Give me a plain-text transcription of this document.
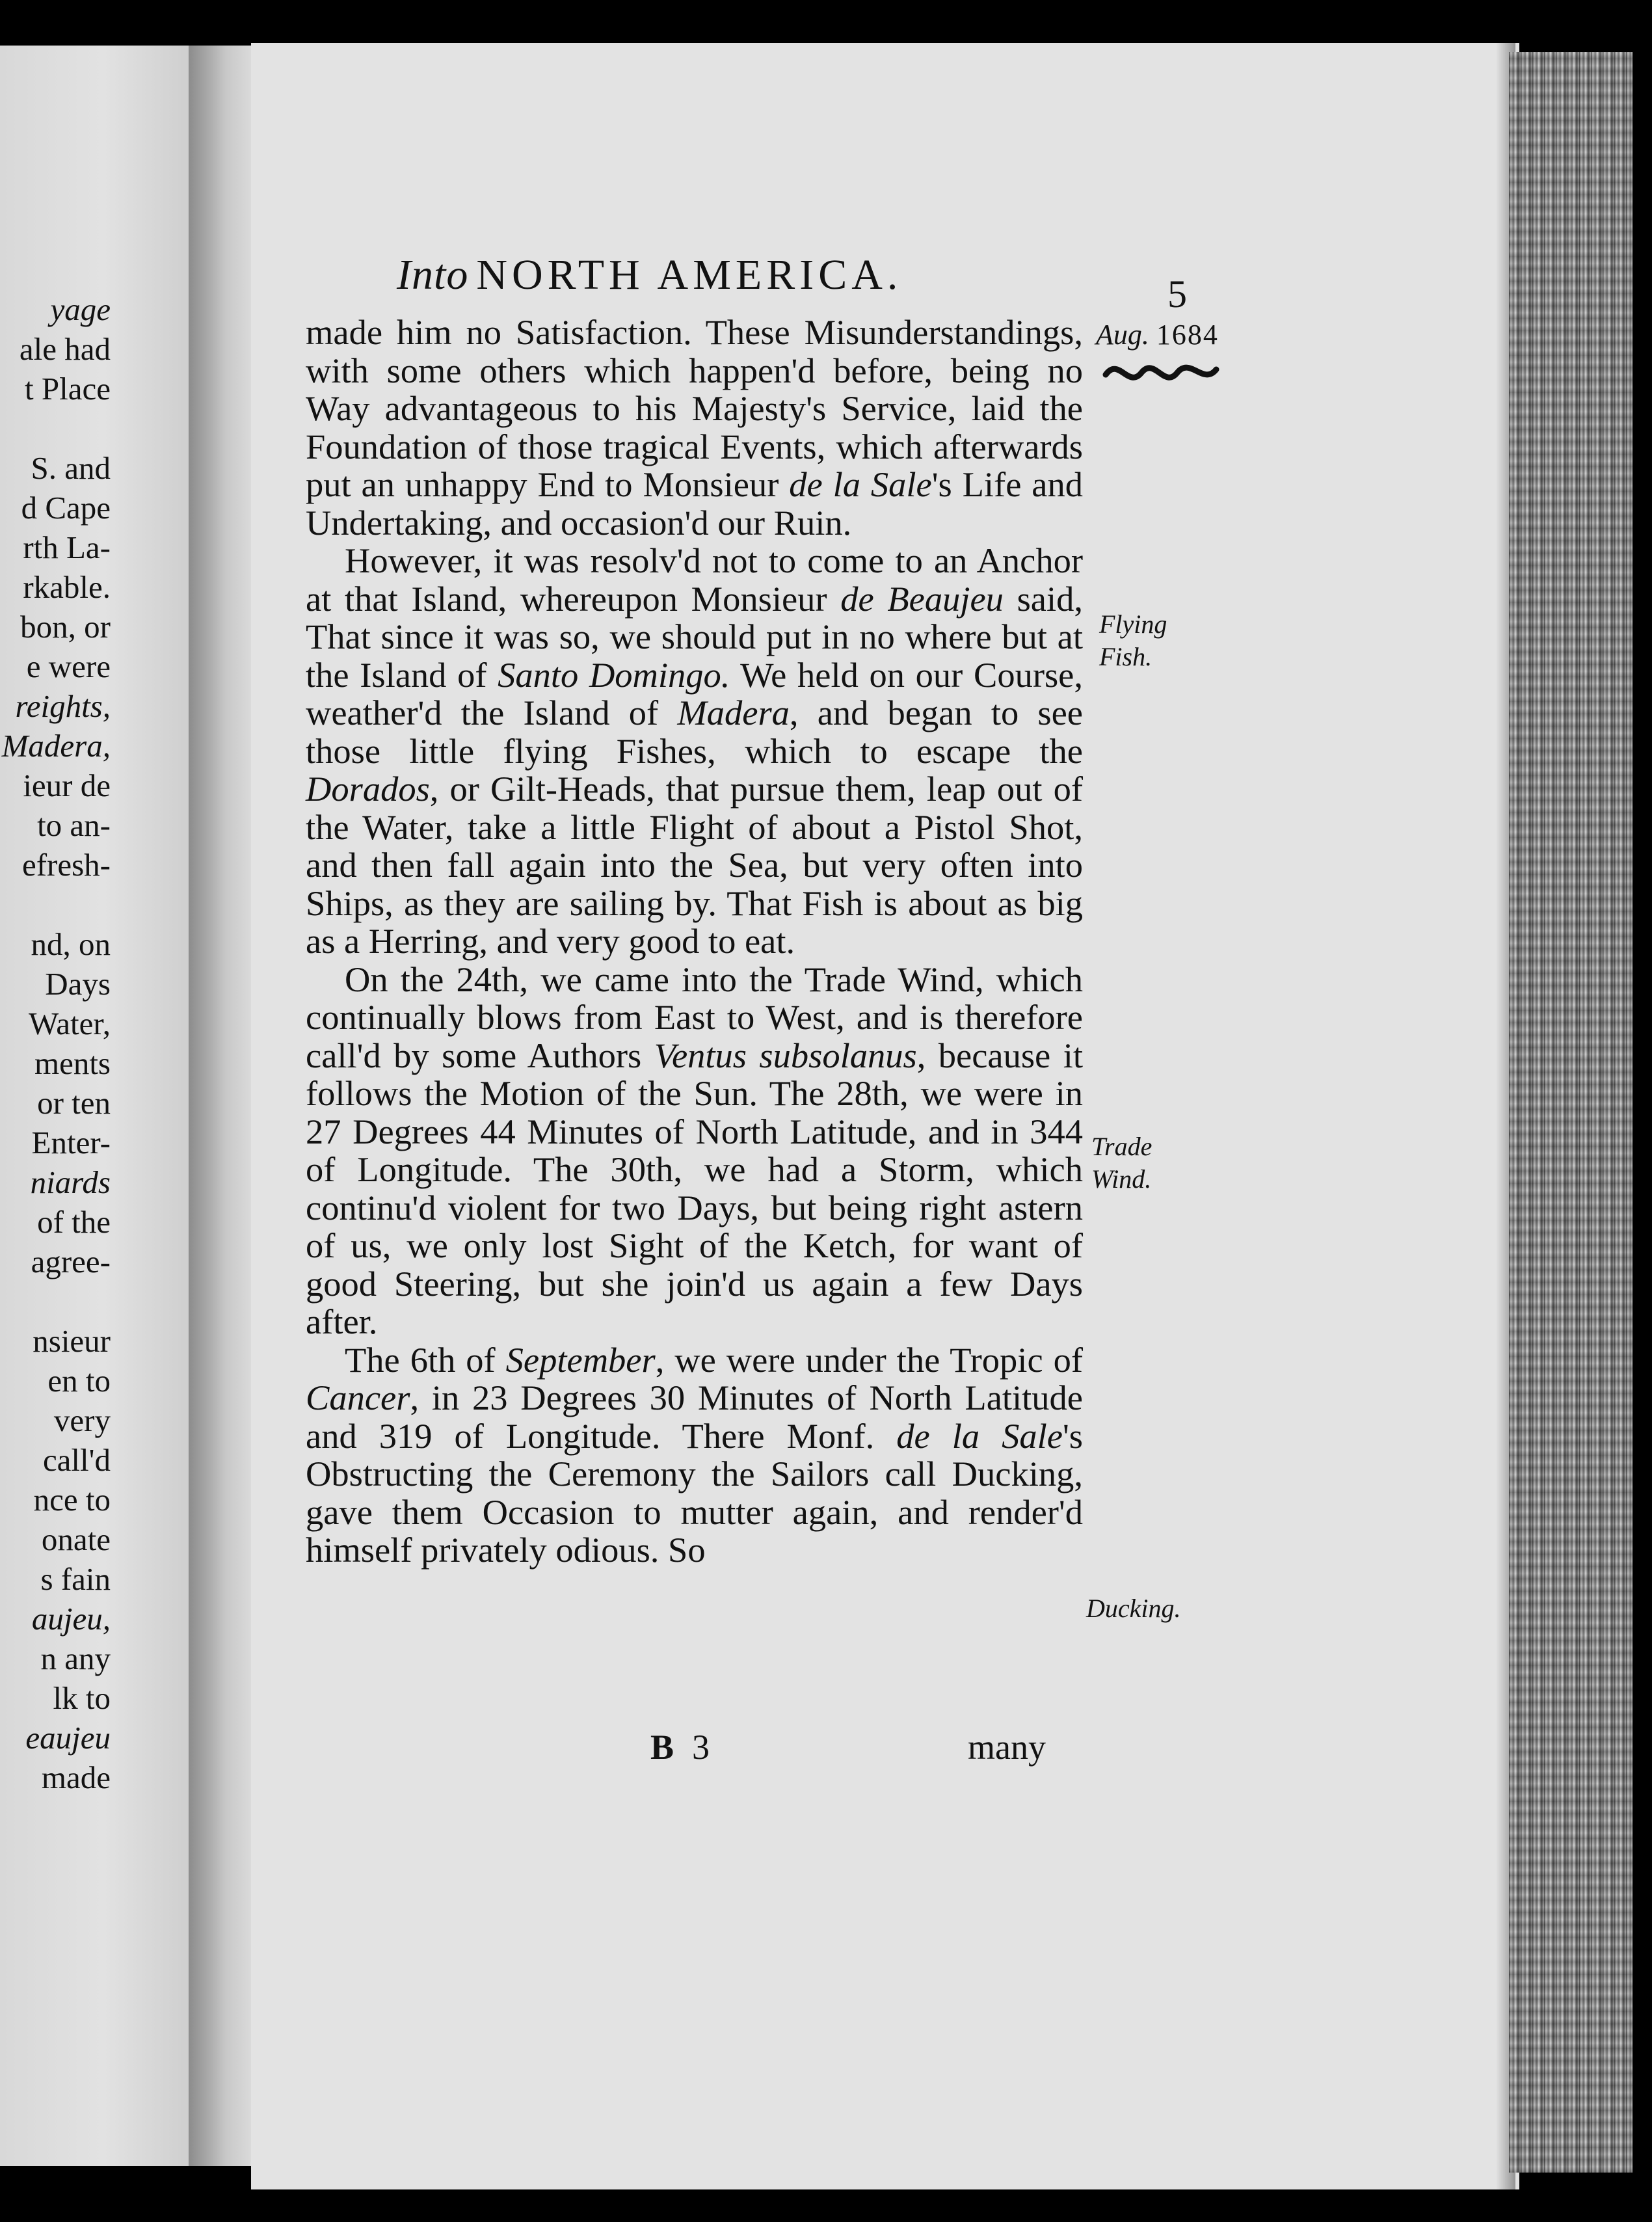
yage
ale had
t Place
S. and
d Cape
rth La-
rkable.
bon, or
e were
reights,
Madera,
ieur de
to an-
efresh-
nd, on
Days
Water,
ments
or ten
Enter-
niards
of the
agree-
nsieur
en to
very
call'd
nce to
onate
s fain
aujeu,
n any
lk to
eaujeu
made
Into NORTH AMERICA.	5

made him no Satisfaction. These Misunderstandings, with some others which happen'd before, being no Way advantageous to his Majesty's Service, laid the Foundation of those tragical Events, which afterwards put an unhappy End to Monsieur de la Sale's Life and Undertaking, and occasion'd our Ruin.

However, it was resolv'd not to come to an Anchor at that Island, whereupon Monsieur de Beaujeu said, That since it was so, we should put in no where but at the Island of Santo Domingo. We held on our Course, weather'd the Island of Madera, and began to see those little flying Fishes, which to escape the Dorados, or Gilt-Heads, that pursue them, leap out of the Water, take a little Flight of about a Pistol Shot, and then fall again into the Sea, but very often into Ships, as they are sailing by. That Fish is about as big as a Herring, and very good to eat.

On the 24th, we came into the Trade Wind, which continually blows from East to West, and is therefore call'd by some Authors Ventus subsolanus, because it follows the Motion of the Sun. The 28th, we were in 27 Degrees 44 Minutes of North Latitude, and in 344 of Longitude. The 30th, we had a Storm, which continu'd violent for two Days, but being right astern of us, we only lost Sight of the Ketch, for want of good Steering, but she join'd us again a few Days after.

The 6th of September, we were under the Tropic of Cancer, in 23 Degrees 30 Minutes of North Latitude and 319 of Longitude. There Monf. de la Sale's Obstructing the Ceremony the Sailors call Ducking, gave them Occasion to mutter again, and render'd himself privately odious. So

Aug. 1684
Flying
Fish.
Trade
Wind.
Ducking.
B 3	many
